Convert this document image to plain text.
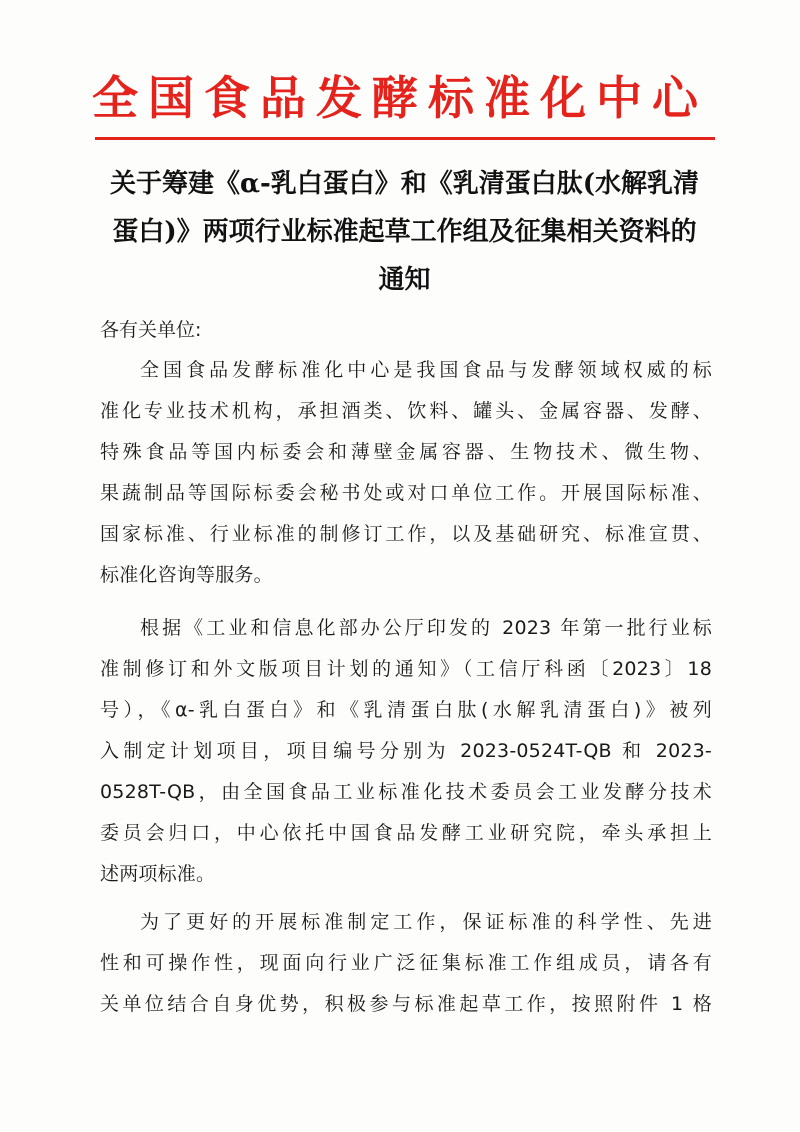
全国食品发酵标准化中心
关于筹建《α-乳白蛋白》和《乳清蛋白肽(水解乳清
蛋白)》两项行业标准起草工作组及征集相关资料的
通知
各有关单位:
全国食品发酵标准化中心是我国食品与发酵领域权威的标
准化专业技术机构，承担酒类、饮料、罐头、金属容器、发酵、
特殊食品等国内标委会和薄壁金属容器、生物技术、微生物、
果蔬制品等国际标委会秘书处或对口单位工作。开展国际标准、
国家标准、行业标准的制修订工作，以及基础研究、标准宣贯、
标准化咨询等服务。
根据《工业和信息化部办公厅印发的 2023 年第一批行业标
准制修订和外文版项目计划的通知》（工信厅科函〔2023〕18
号），《α-乳白蛋白》和《乳清蛋白肽(水解乳清蛋白)》被列
入制定计划项目，项目编号分别为 2023-0524T-QB 和 2023-
0528T-QB，由全国食品工业标准化技术委员会工业发酵分技术
委员会归口，中心依托中国食品发酵工业研究院，牵头承担上
述两项标准。
为了更好的开展标准制定工作，保证标准的科学性、先进
性和可操作性，现面向行业广泛征集标准工作组成员，请各有
关单位结合自身优势，积极参与标准起草工作，按照附件 1 格
